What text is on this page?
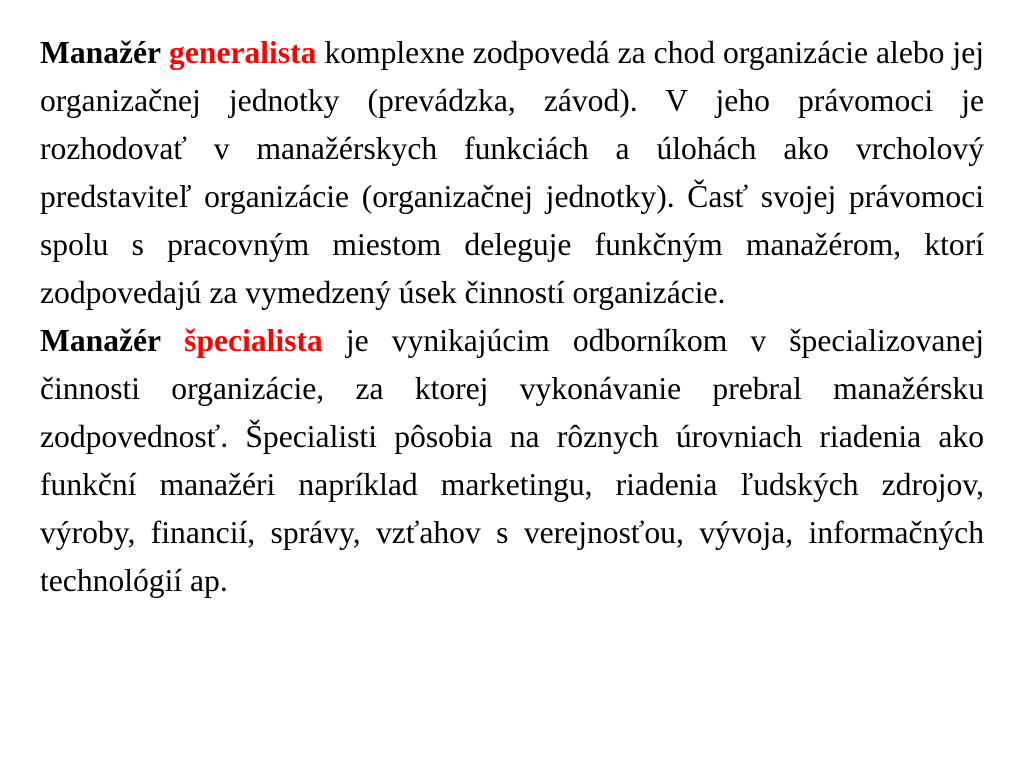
Manažér generalista komplexne zodpovedá za chod organizácie alebo jej organizačnej jednotky (prevádzka, závod). V jeho právomoci je rozhodovať v manažérskych funkciách a úlohách ako vrcholový predstaviteľ organizácie (organizačnej jednotky). Časť svojej právomoci spolu s pracovným miestom deleguje funkčným manažérom, ktorí zodpovedajú za vymedzený úsek činností organizácie.

Manažér špecialista je vynikajúcim odborníkom v špecializovanej činnosti organizácie, za ktorej vykonávanie prebral manažérsku zodpovednosť. Špecialisti pôsobia na rôznych úrovniach riadenia ako funkční manažéri napríklad marketingu, riadenia ľudských zdrojov, výroby, financií, správy, vzťahov s verejnosťou, vývoja, informačných technológií ap.
